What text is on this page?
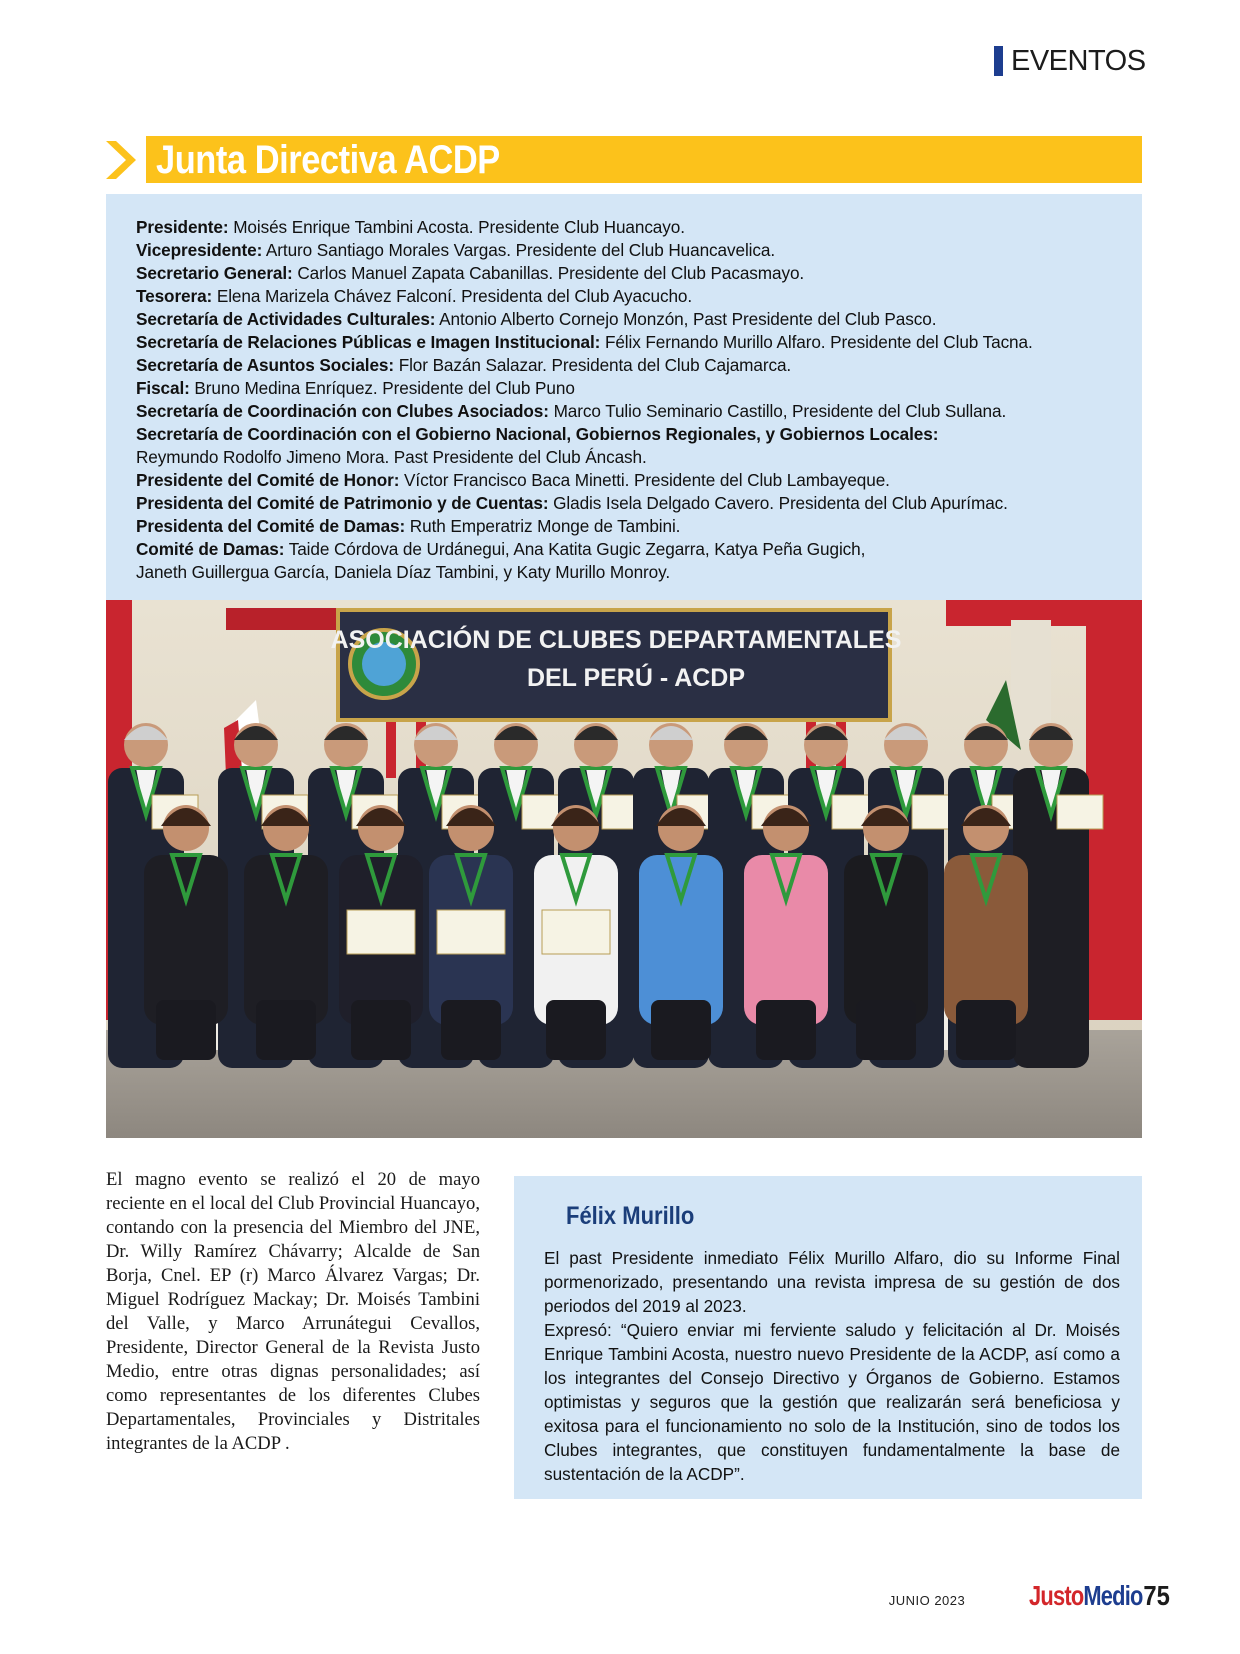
EVENTOS
Junta Directiva ACDP
Presidente: Moisés Enrique Tambini Acosta. Presidente Club Huancayo.
Vicepresidente: Arturo Santiago Morales Vargas. Presidente del Club Huancavelica.
Secretario General: Carlos Manuel Zapata Cabanillas. Presidente del Club Pacasmayo.
Tesorera: Elena Marizela Chávez Falconí. Presidenta del Club Ayacucho.
Secretaría de Actividades Culturales: Antonio Alberto Cornejo Monzón, Past Presidente del Club Pasco.
Secretaría de Relaciones Públicas e Imagen Institucional: Félix Fernando Murillo Alfaro. Presidente del Club Tacna.
Secretaría de Asuntos Sociales: Flor Bazán Salazar. Presidenta del Club Cajamarca.
Fiscal: Bruno Medina Enríquez. Presidente del Club Puno
Secretaría de Coordinación con Clubes Asociados: Marco Tulio Seminario Castillo, Presidente del Club Sullana.
Secretaría de Coordinación con el Gobierno Nacional, Gobiernos Regionales, y Gobiernos Locales:
Reymundo Rodolfo Jimeno Mora. Past Presidente del Club Áncash.
Presidente del Comité de Honor: Víctor Francisco Baca Minetti. Presidente del Club Lambayeque.
Presidenta del Comité de Patrimonio y de Cuentas: Gladis Isela Delgado Cavero. Presidenta del Club Apurímac.
Presidenta del Comité de Damas: Ruth Emperatriz Monge de Tambini.
Comité de Damas: Taide Córdova de Urdánegui, Ana Katita Gugic Zegarra, Katya Peña Gugich,
Janeth Guillergua García, Daniela Díaz Tambini, y Katy Murillo Monroy.
ASOCIACIÓN DE CLUBES DEPARTAMENTALES
DEL PERÚ - ACDP
El magno evento se realizó el 20 de mayo reciente en el local del Club Provincial Huancayo, contando con la presencia del Miembro del JNE, Dr. Willy Ramírez Chávarry; Alcalde de San Borja, Cnel. EP (r) Marco Álvarez Vargas; Dr. Miguel Rodríguez Mackay; Dr. Moisés Tambini del Valle, y Marco Arrunátegui Cevallos, Presidente, Director General de la Revista Justo Medio, entre otras dignas personalidades; así como representantes de los diferentes Clubes Departamentales, Provinciales y Distritales integrantes de la ACDP .
Félix Murillo

El past Presidente inmediato Félix Murillo Alfaro, dio su Informe Final pormenorizado, presentando una revista impresa de su gestión de dos periodos del 2019 al 2023.

Expresó: “Quiero enviar mi ferviente saludo y felicitación al Dr. Moisés Enrique Tambini Acosta, nuestro nuevo Presidente de la ACDP, así como a los integrantes del Consejo Directivo y Órganos de Gobierno. Estamos optimistas y seguros que la gestión que realizarán será beneficiosa y exitosa para el funcionamiento no solo de la Institución, sino de todos los Clubes integrantes, que constituyen fundamentalmente la base de sustentación de la ACDP”.

JUNIO 2023 JustoMedio 75
